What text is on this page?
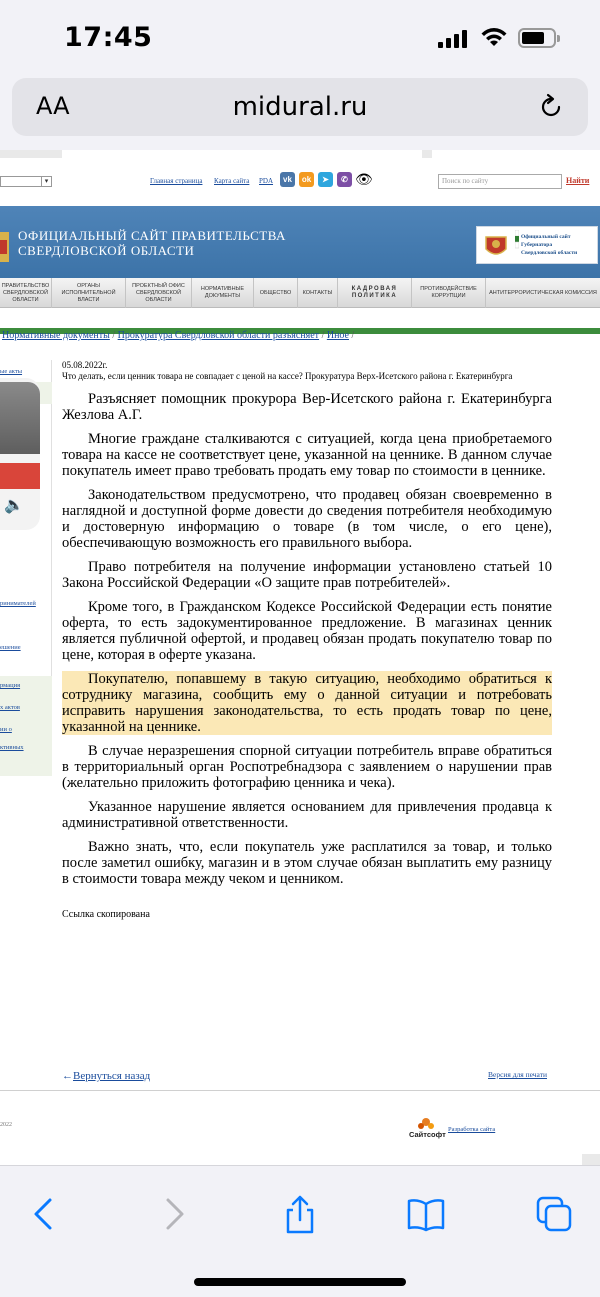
17:45
AA	midural.ru
▾	Главная страница Карта сайта PDA	vk	ok	➤	✆ 👁	Поиск по сайту	Найти
ОФИЦИАЛЬНЫЙ САЙТ ПРАВИТЕЛЬСТВА
СВЕРДЛОВСКОЙ ОБЛАСТИ
Официальный сайт
Губернатора
Свердловской области
ПРАВИТЕЛЬСТВО СВЕРДЛОВСКОЙ ОБЛАСТИ
ОРГАНЫ ИСПОЛНИТЕЛЬНОЙ ВЛАСТИ
ПРОЕКТНЫЙ ОФИС СВЕРДЛОВСКОЙ ОБЛАСТИ
НОРМАТИВНЫЕ ДОКУМЕНТЫ
ОБЩЕСТВО	КОНТАКТЫ
КАДРОВАЯ ПОЛИТИКА
ПРОТИВОДЕЙСТВИЕ КОРРУПЦИИ
АНТИТЕРРОРИСТИЧЕСКАЯ КОМИССИЯ
Нормативные документы / Прокуратура Свердловской области разъясняет / Иное /
ые акты
ринимателей
ешение
рмация
х актов
ии о
ктивных
🔈
05.08.2022г.
Что делать, если ценник товара не совпадает с ценой на кассе? Прокуратура Верх-Исетского района г. Екатеринбурга

Разъясняет помощник прокурора Вер-Исетского района г. Екатеринбурга Жезлова А.Г.

Многие граждане сталкиваются с ситуацией, когда цена приобретаемого товара на кассе не соответствует цене, указанной на ценнике. В данном случае покупатель имеет право требовать продать ему товар по стоимости в ценнике.

Законодательством предусмотрено, что продавец обязан своевременно в наглядной и доступной форме довести до сведения потребителя необходимую и достоверную информацию о товаре (в том числе, о его цене), обеспечивающую возможность его правильного выбора.

Право потребителя на получение информации установлено статьей 10 Закона Российской Федерации «О защите прав потребителей».

Кроме того, в Гражданском Кодексе Российской Федерации есть понятие оферта, то есть задокументированное предложение. В магазинах ценник является публичной офертой, и продавец обязан продать покупателю товар по цене, которая в оферте указана.

Покупателю, попавшему в такую ситуацию, необходимо обратиться к сотруднику магазина, сообщить ему о данной ситуации и потребовать исправить нарушения законодательства, то есть продать товар по цене, указанной на ценнике.

В случае неразрешения спорной ситуации потребитель вправе обратиться в территориальный орган Роспотребнадзора с заявлением о нарушении прав (желательно приложить фотографию ценника и чека).

Указанное нарушение является основанием для привлечения продавца к административной ответственности.

Важно знать, что, если покупатель уже расплатился за товар, и только после заметил ошибку, магазин и в этом случае обязан выплатить ему разницу в стоимости товара между чеком и ценником.

Ссылка скопирована
←Вернуться назад	Версия для печати
2022
Сайтсофт
Разработка сайта
